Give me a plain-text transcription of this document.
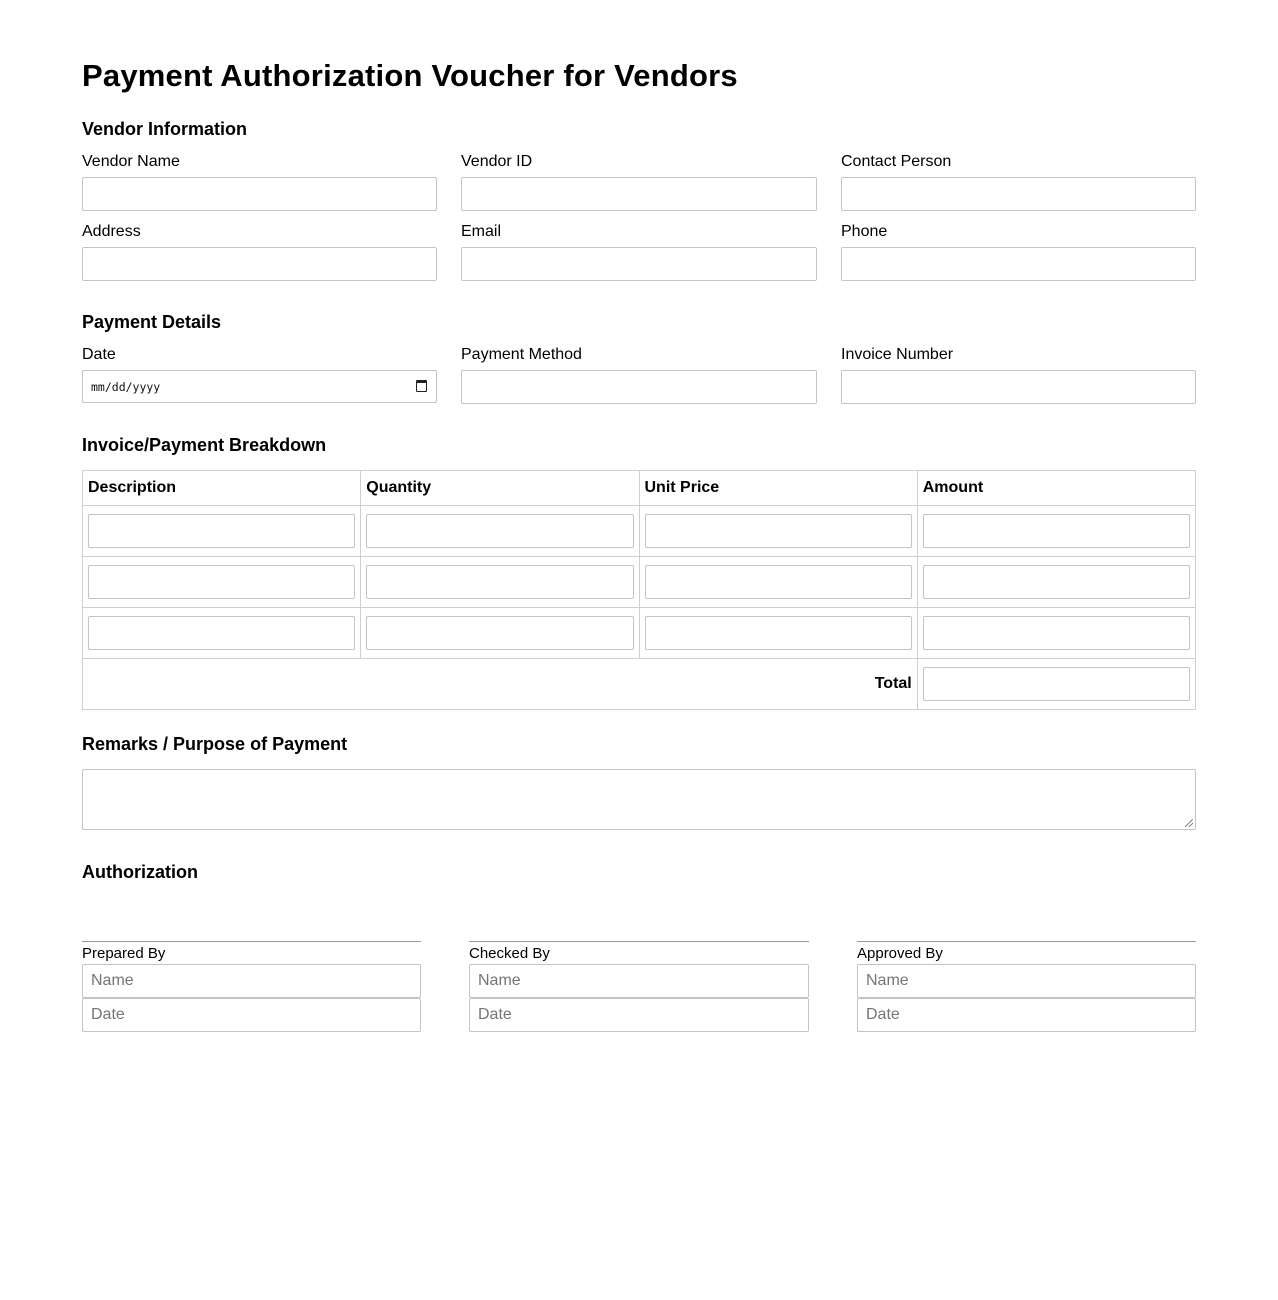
Payment Authorization Voucher for Vendors
Vendor Information
Vendor Name	Vendor ID	Contact Person
Address	Email	Phone
Payment Details
Date
mm/dd/yyyy
Payment Method	Invoice Number
Invoice/Payment Breakdown
Description	Quantity	Unit Price	Amount

Total	
Remarks / Purpose of Payment
Authorization
Prepared By
Name
Date
Checked By
Name
Date
Approved By
Name
Date
